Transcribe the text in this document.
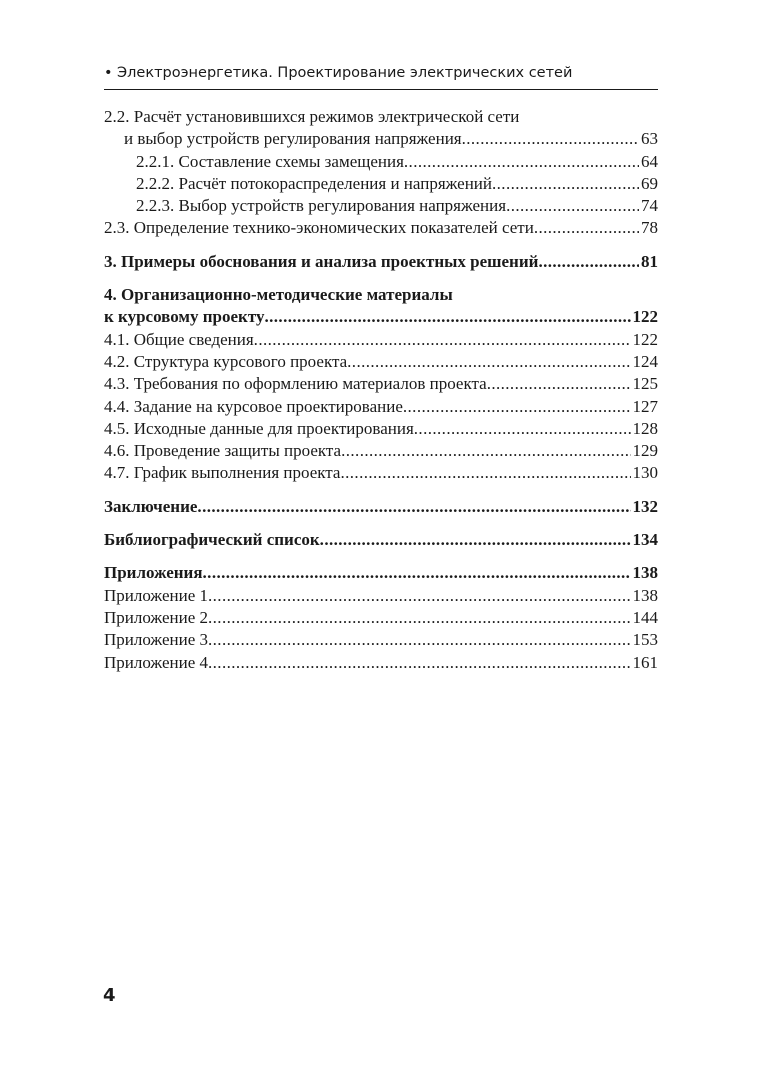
• Электроэнергетика. Проектирование электрических сетей
2.2. Расчёт установившихся режимов электрической сети
и выбор устройств регулирования напряжения .....	63
2.2.1. Составление схемы замещения .....	64
2.2.2. Расчёт потокораспределения и напряжений .....	69
2.2.3. Выбор устройств регулирования напряжения .....	74
2.3. Определение технико-экономических показателей сети .....	78
3. Примеры обоснования и анализа проектных решений .....	81
4. Организационно-методические материалы
к курсовому проекту .....	122
4.1. Общие сведения .....	122
4.2. Структура курсового проекта .....	124
4.3. Требования по оформлению материалов проекта .....	125
4.4. Задание на курсовое проектирование .....	127
4.5. Исходные данные для проектирования .....	128
4.6. Проведение защиты проекта .....	129
4.7. График выполнения проекта .....	130
Заключение .....	132
Библиографический список .....	134
Приложения .....	138
Приложение 1 .....	138
Приложение 2 .....	144
Приложение 3 .....	153
Приложение 4 .....	161
4
